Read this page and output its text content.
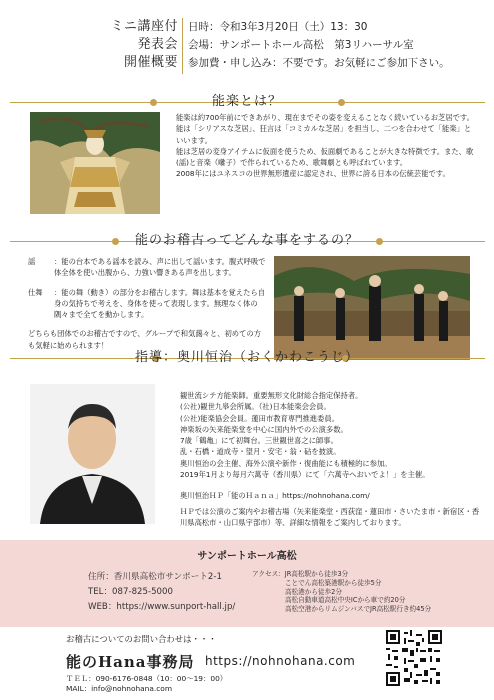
ミニ講座付
発表会
開催概要
日時：令和3年3月20日（土）13：30
会場：サンポートホール高松　第3リハーサル室
参加費・申し込み：不要です。お気軽にご参加下さい。
能楽とは？

能楽は約700年前にできあがり、現在までその姿を変えることなく続いているお芝居です。能は「シリアスな芝居」、狂言は「コミカルな芝居」を担当し、二つを合わせて「能楽」といいます。

能は芝居の変身アイテムに仮面を使うため、仮面劇であることが大きな特徴です。また、歌(謡)と音楽（囃子）で作られているため、歌舞劇とも呼ばれています。

2008年にはユネスコの世界無形遺産に認定され、世界に誇る日本の伝統芸能です。

能のお稽古ってどんな事をするの？
謡	：能の台本である謡本を読み、声に出して謡います。腹式呼吸で体全体を使い出腹から、力強い響きある声を出します。
仕舞	：能の舞（動き）の部分をお稽古します。舞は基本を覚えたら自身の気持ちで考えを、身体を使って表現します。無理なく体の隅々まで全てを動かします。

どちらも団体でのお稽古ですので、グループで和気藹々と、初めての方も気軽に始められます！

指導：奥川恒治（おくかわこうじ）

観世流シテ方能楽師。重要無形文化財総合指定保持者。

(公社)観世九皋会所属。（社)日本能楽会会員。

(公社)能楽協会会員。蓮田市教育専門推進委員。

神楽坂の矢来能楽堂を中心に国内外での公演多数。

7歳「鶴亀」にて初舞台。三世観世喜之に師事。

乱・石橋・道成寺・望月・安宅・翁・砧を披演。

奥川恒治の会主催、海外公演や新作・復曲能にも積極的に参加。

2019年1月より毎月六萬寺（香川県）にて「六萬寺へおいでよ！」を主催。

奥川恒治ＨＰ「能のＨａｎａ」https://nohnohana.com/

ＨＰでは公演のご案内やお稽古場（矢来能楽堂・西荻窪・蓮田市・さいたま市・新宿区・香川県高松市・山口県宇部市）等、詳細な情報をご案内しております。

サンポートホール高松
住所：香川県高松市サンポート2-1
TEL：087-825-5000
WEB：https://www.sunport-hall.jp/
アクセス：JR高松駅から徒歩3分
　　　　　ことでん高松築港駅から徒歩5分
　　　　　高松港から徒歩2分
　　　　　高松自動車道高松中央ICから車で約20分
　　　　　高松空港からリムジンバスでJR高松駅行き約45分
お稽古についてのお問い合わせは・・・
能のHana事務局 https://nohnohana.com
ＴＥＬ：090-6176-0848（10：00～19：00）
MAIL：info@nohnohana.com
